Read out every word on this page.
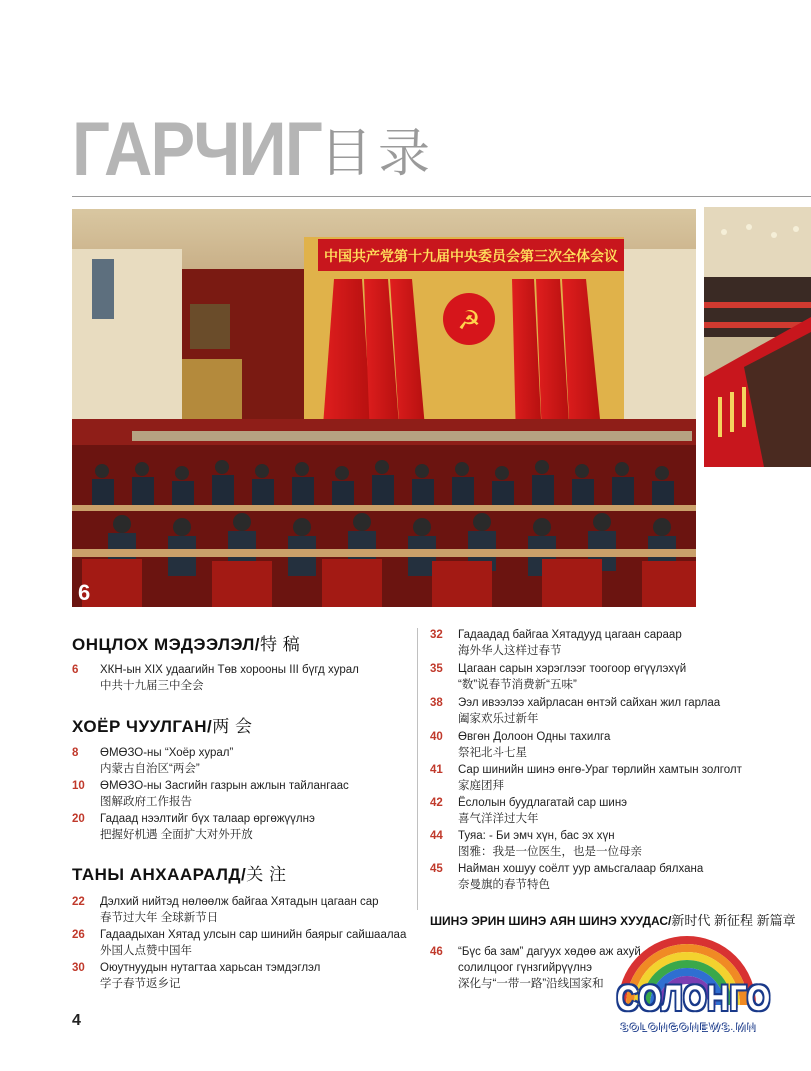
ГАРЧИГ
目录
中国共产党第十九届中央委员会第三次全体会议
☭
6
ОНЦЛОХ МЭДЭЭЛЭЛ/特 稿
6 ХКН-ын XIX удаагийн Төв хорооны III бүгд хурал
中共十九届三中全会
ХОЁР ЧУУЛГАН/两 会
8 ӨМӨЗО-ны “Хоёр хурал”
内蒙古自治区“两会”
10 ӨМӨЗО-ны Засгийн газрын ажлын тайлангаас
图解政府工作报告
20 Гадаад нээлтийг бүх талаар өргөжүүлнэ
把握好机遇 全面扩大对外开放
ТАНЫ АНХААРАЛД/关 注
22 Дэлхий нийтэд нөлөөлж байгаа Хятадын цагаан сар
春节过大年 全球新节日
26 Гадаадыхан Хятад улсын сар шинийн баярыг сайшаалаа
外国人点赞中国年
30 Оюутнуудын нутагтаа харьсан тэмдэглэл
学子春节返乡记
32 Гадаадад байгаа Хятадууд цагаан сараар
海外华人这样过春节
35 Цагаан сарын хэрэглээг тоогоор өгүүлэхүй
“数”说春节消费新“五味”
38 Ээл ивээлээ хайрласан өнтэй сайхан жил гарлаа
阖家欢乐过新年
40 Өвгөн Долоон Одны тахилга
祭祀北斗七星
41 Сар шинийн шинэ өнгө-Ураг төрлийн хамтын золголт
家庭团拜
42 Ёслолын буудлагатай сар шинэ
喜气洋洋过大年
44 Туяа: - Би эмч хүн, бас эх хүн
图雅：我是一位医生，也是一位母亲
45 Найман хошуу соёлт уур амьсгалаар бялхана
奈曼旗的春节特色
ШИНЭ ЭРИН ШИНЭ АЯН ШИНЭ ХУУДАС/新时代 新征程 新篇章
46 “Бүс ба зам” дагуух хөдөө аж ахуй
солилцоог гүнзгийрүүлнэ
深化与“一带一路”沿线国家和
4
СОЛОНГО
SOLONGONEWS.MN
